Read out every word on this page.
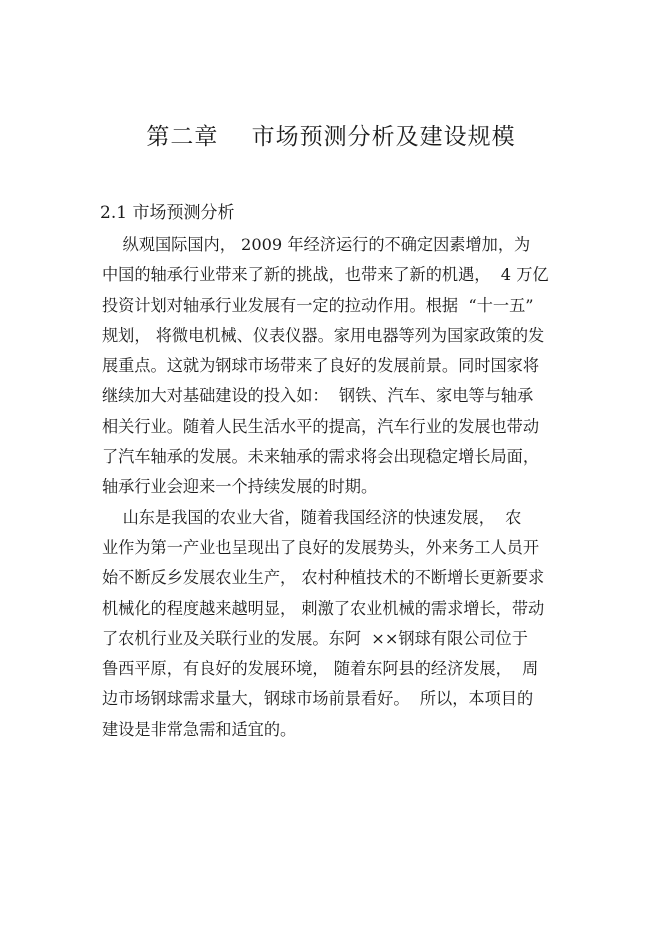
第二章    市场预测分析及建设规模
2.1 市场预测分析
纵观国际国内， 2009 年经济运行的不确定因素增加，为
中国的轴承行业带来了新的挑战，也带来了新的机遇，  4 万亿
投资计划对轴承行业发展有一定的拉动作用。根据  “十一五”
规划， 将微电机械、仪表仪器。家用电器等列为国家政策的发
展重点。这就为钢球市场带来了良好的发展前景。同时国家将
继续加大对基础建设的投入如：  钢铁、汽车、家电等与轴承
相关行业。随着人民生活水平的提高，汽车行业的发展也带动
了汽车轴承的发展。未来轴承的需求将会出现稳定增长局面，
轴承行业会迎来一个持续发展的时期。
山东是我国的农业大省，随着我国经济的快速发展，  农
业作为第一产业也呈现出了良好的发展势头，外来务工人员开
始不断反乡发展农业生产， 农村种植技术的不断增长更新要求
机械化的程度越来越明显， 刺激了农业机械的需求增长，带动
了农机行业及关联行业的发展。东阿  ××钢球有限公司位于
鲁西平原，有良好的发展环境， 随着东阿县的经济发展，  周
边市场钢球需求量大，钢球市场前景看好。  所以，本项目的
建设是非常急需和适宜的。
